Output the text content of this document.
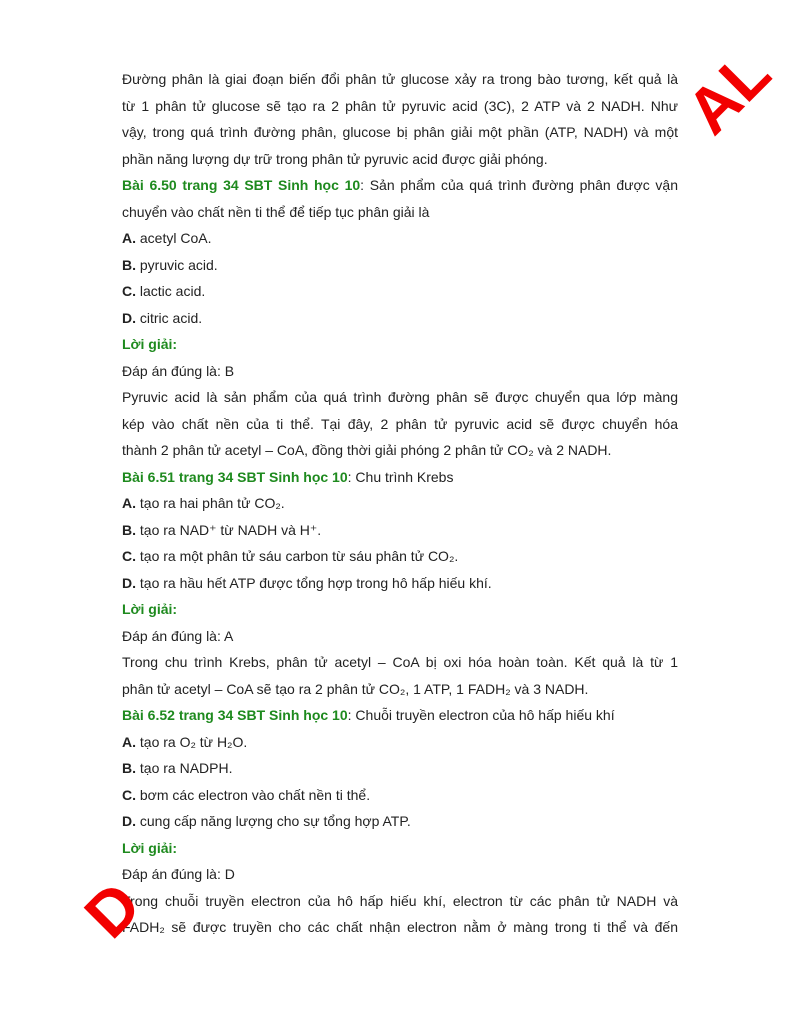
Đường phân là giai đoạn biến đổi phân tử glucose xảy ra trong bào tương, kết quả là
từ 1 phân tử glucose sẽ tạo ra 2 phân tử pyruvic acid (3C), 2 ATP và 2 NADH. Như
vậy, trong quá trình đường phân, glucose bị phân giải một phần (ATP, NADH) và một
phần năng lượng dự trữ trong phân tử pyruvic acid được giải phóng.
Bài 6.50 trang 34 SBT Sinh học 10: Sản phẩm của quá trình đường phân được vận
chuyển vào chất nền ti thể để tiếp tục phân giải là
A. acetyl CoA.
B. pyruvic acid.
C. lactic acid.
D. citric acid.
Lời giải:
Đáp án đúng là: B
Pyruvic acid là sản phẩm của quá trình đường phân sẽ được chuyển qua lớp màng
kép vào chất nền của ti thể. Tại đây, 2 phân tử pyruvic acid sẽ được chuyển hóa
thành 2 phân tử acetyl – CoA, đồng thời giải phóng 2 phân tử CO₂ và 2 NADH.
Bài 6.51 trang 34 SBT Sinh học 10: Chu trình Krebs
A. tạo ra hai phân tử CO₂.
B. tạo ra NAD⁺ từ NADH và H⁺.
C. tạo ra một phân tử sáu carbon từ sáu phân tử CO₂.
D. tạo ra hầu hết ATP được tổng hợp trong hô hấp hiếu khí.
Lời giải:
Đáp án đúng là: A
Trong chu trình Krebs, phân tử acetyl – CoA bị oxi hóa hoàn toàn. Kết quả là từ 1
phân tử acetyl – CoA sẽ tạo ra 2 phân tử CO₂, 1 ATP, 1 FADH₂ và 3 NADH.
Bài 6.52 trang 34 SBT Sinh học 10: Chuỗi truyền electron của hô hấp hiếu khí
A. tạo ra O₂ từ H₂O.
B. tạo ra NADPH.
C. bơm các electron vào chất nền ti thể.
D. cung cấp năng lượng cho sự tổng hợp ATP.
Lời giải:
Đáp án đúng là: D
Trong chuỗi truyền electron của hô hấp hiếu khí, electron từ các phân tử NADH và
FADH₂ sẽ được truyền cho các chất nhận electron nằm ở màng trong ti thể và đến
AL
D
